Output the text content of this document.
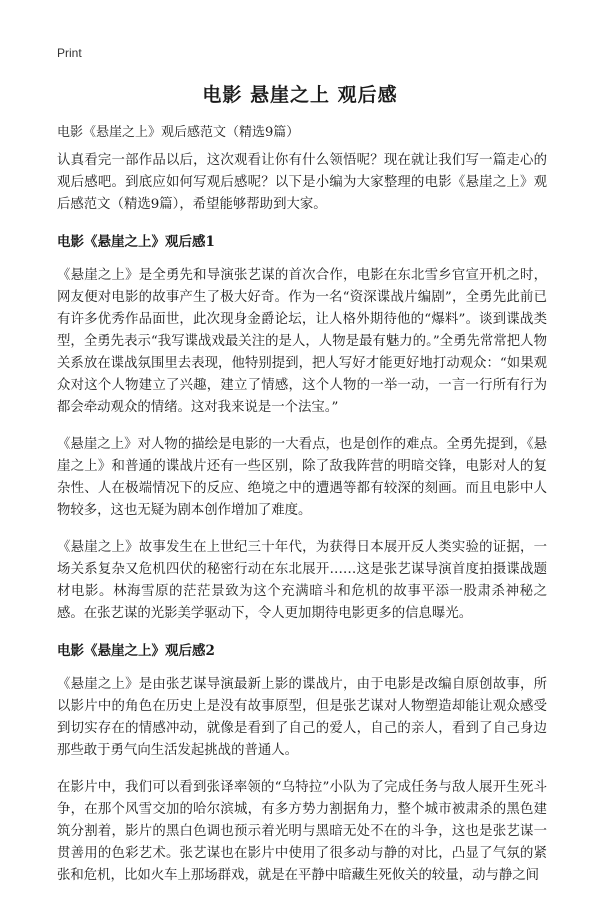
Print
电影 悬崖之上 观后感
电影《悬崖之上》观后感范文（精选9篇）

认真看完一部作品以后，这次观看让你有什么领悟呢？现在就让我们写一篇走心的观后感吧。到底应如何写观后感呢？以下是小编为大家整理的电影《悬崖之上》观后感范文（精选9篇），希望能够帮助到大家。

电影《悬崖之上》观后感1

《悬崖之上》是全勇先和导演张艺谋的首次合作，电影在东北雪乡官宣开机之时，网友便对电影的故事产生了极大好奇。作为一名“资深谍战片编剧”，全勇先此前已有许多优秀作品面世，此次现身金爵论坛，让人格外期待他的“爆料”。谈到谍战类型，全勇先表示“我写谍战戏最关注的是人，人物是最有魅力的。”全勇先常常把人物关系放在谍战氛围里去表现，他特别提到，把人写好才能更好地打动观众：“如果观众对这个人物建立了兴趣，建立了情感，这个人物的一举一动，一言一行所有行为都会牵动观众的情绪。这对我来说是一个法宝。”

《悬崖之上》对人物的描绘是电影的一大看点，也是创作的难点。全勇先提到，《悬崖之上》和普通的谍战片还有一些区别，除了敌我阵营的明暗交锋，电影对人的复杂性、人在极端情况下的反应、绝境之中的遭遇等都有较深的刻画。而且电影中人物较多，这也无疑为剧本创作增加了难度。

《悬崖之上》故事发生在上世纪三十年代，为获得日本展开反人类实验的证据，一场关系复杂又危机四伏的秘密行动在东北展开……这是张艺谋导演首度拍摄谍战题材电影。林海雪原的茫茫景致为这个充满暗斗和危机的故事平添一股肃杀神秘之感。在张艺谋的光影美学驱动下，令人更加期待电影更多的信息曝光。

电影《悬崖之上》观后感2

《悬崖之上》是由张艺谋导演最新上影的谍战片，由于电影是改编自原创故事，所以影片中的角色在历史上是没有故事原型，但是张艺谋对人物塑造却能让观众感受到切实存在的情感冲动，就像是看到了自己的爱人，自己的亲人，看到了自己身边那些敢于勇气向生活发起挑战的普通人。

在影片中，我们可以看到张译率领的“乌特拉”小队为了完成任务与敌人展开生死斗争，在那个风雪交加的哈尔滨城，有多方势力割据角力，整个城市被肃杀的黑色建筑分割着，影片的黑白色调也预示着光明与黑暗无处不在的斗争，这也是张艺谋一贯善用的色彩艺术。张艺谋也在影片中使用了很多动与静的对比，凸显了气氛的紧张和危机，比如火车上那场群戏，就是在平静中暗藏生死攸关的较量，动与静之间
